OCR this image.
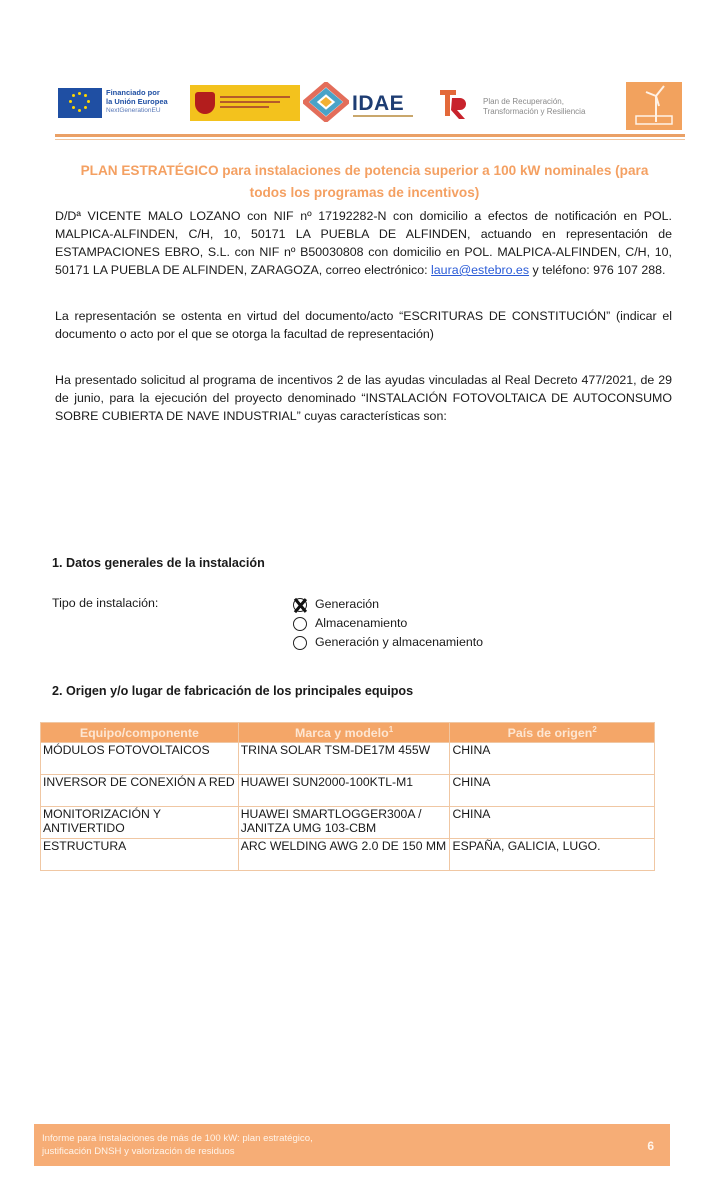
Financiado por
la Unión Europea
NextGenerationEU	IDAE	Plan de Recuperación,
Transformación y Resiliencia
PLAN ESTRATÉGICO para instalaciones de potencia superior a 100 kW nominales (para todos los programas de incentivos)
D/Dª VICENTE MALO LOZANO con NIF nº 17192282-N con domicilio a efectos de notificación en POL. MALPICA-ALFINDEN, C/H, 10, 50171 LA PUEBLA DE ALFINDEN, actuando en representación de ESTAMPACIONES EBRO, S.L. con NIF nº B50030808 con domicilio en POL. MALPICA-ALFINDEN, C/H, 10, 50171 LA PUEBLA DE ALFINDEN, ZARAGOZA, correo electrónico: laura@estebro.es y teléfono: 976 107 288.
La representación se ostenta en virtud del documento/acto “ESCRITURAS DE CONSTITUCIÓN” (indicar el documento o acto por el que se otorga la facultad de representación)
Ha presentado solicitud al programa de incentivos 2 de las ayudas vinculadas al Real Decreto 477/2021, de 29 de junio, para la ejecución del proyecto denominado “INSTALACIÓN FOTOVOLTAICA DE AUTOCONSUMO SOBRE CUBIERTA DE NAVE INDUSTRIAL” cuyas características son:
1. Datos generales de la instalación
Tipo de instalación:	Generación
Almacenamiento
Generación y almacenamiento
2. Origen y/o lugar de fabricación de los principales equipos
Equipo/componente	Marca y modelo$^1$	País de origen$^2$
MÓDULOS FOTOVOLTAICOS	TRINA SOLAR TSM-DE17M 455W	CHINA
INVERSOR DE CONEXIÓN A RED	HUAWEI SUN2000-100KTL-M1	CHINA
MONITORIZACIÓN Y ANTIVERTIDO	HUAWEI SMARTLOGGER300A / JANITZA UMG 103-CBM	CHINA
ESTRUCTURA	ARC WELDING AWG 2.0 DE 150 MM	ESPAÑA, GALICIA, LUGO.
Informe para instalaciones de más de 100 kW: plan estratégico,
justificación DNSH y valorización de residuos	6
